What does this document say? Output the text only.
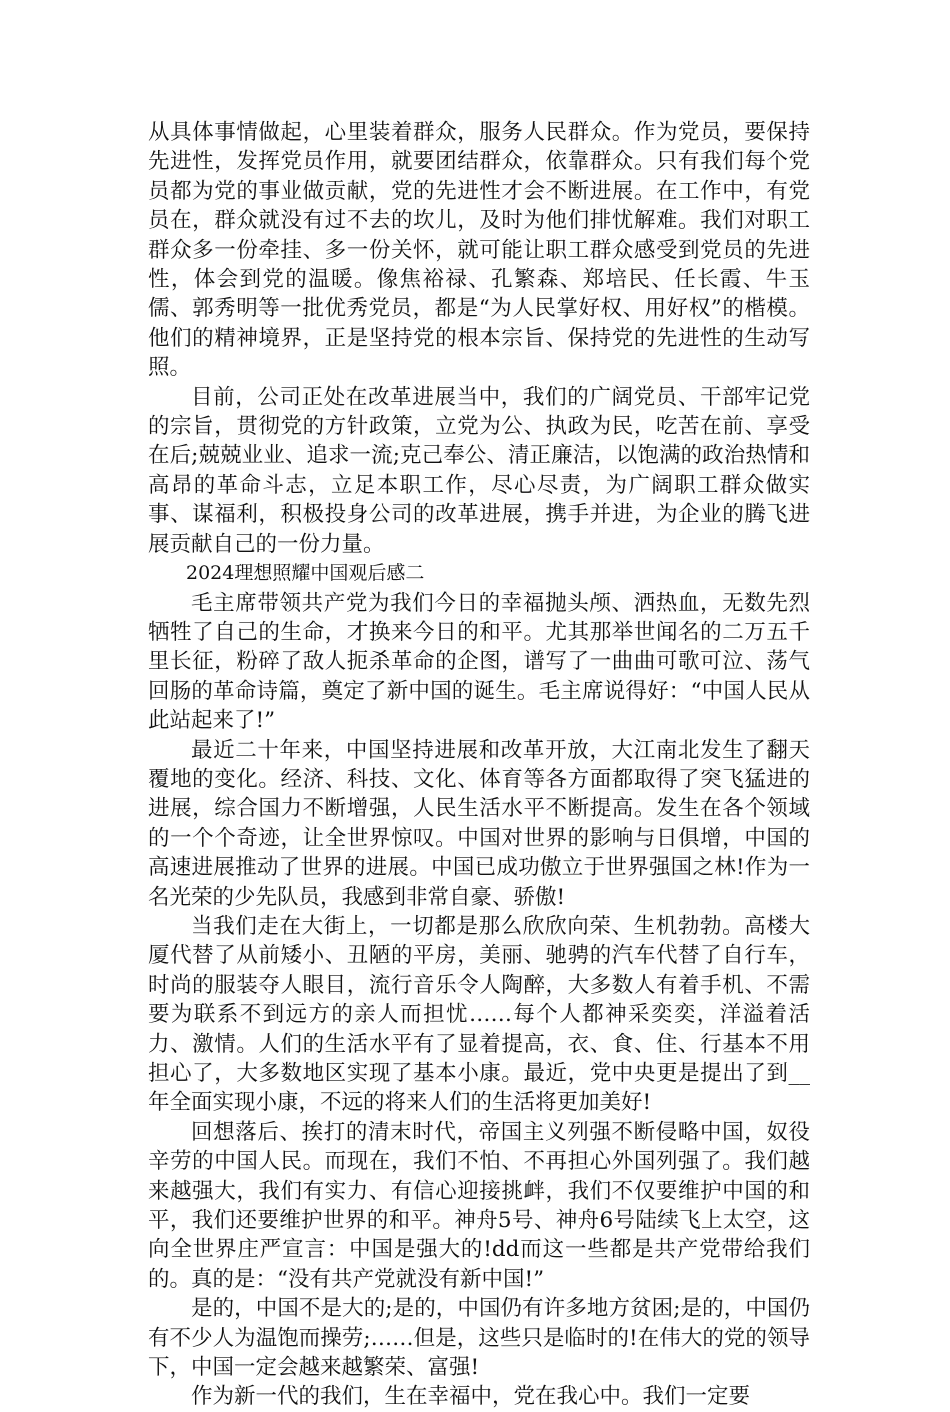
从具体事情做起，心里装着群众，服务人民群众。作为党员，要保持先进性，发挥党员作用，就要团结群众，依靠群众。只有我们每个党员都为党的事业做贡献，党的先进性才会不断进展。在工作中，有党员在，群众就没有过不去的坎儿，及时为他们排忧解难。我们对职工群众多一份牵挂、多一份关怀，就可能让职工群众感受到党员的先进性，体会到党的温暖。像焦裕禄、孔繁森、郑培民、任长霞、牛玉儒、郭秀明等一批优秀党员，都是“为人民掌好权、用好权”的楷模。他们的精神境界，正是坚持党的根本宗旨、保持党的先进性的生动写照。

目前，公司正处在改革进展当中，我们的广阔党员、干部牢记党的宗旨，贯彻党的方针政策，立党为公、执政为民，吃苦在前、享受在后;兢兢业业、追求一流;克己奉公、清正廉洁，以饱满的政治热情和高昂的革命斗志，立足本职工作，尽心尽责，为广阔职工群众做实事、谋福利，积极投身公司的改革进展，携手并进，为企业的腾飞进展贡献自己的一份力量。

2024理想照耀中国观后感二

毛主席带领共产党为我们今日的幸福抛头颅、洒热血，无数先烈牺牲了自己的生命，才换来今日的和平。尤其那举世闻名的二万五千里长征，粉碎了敌人扼杀革命的企图，谱写了一曲曲可歌可泣、荡气回肠的革命诗篇，奠定了新中国的诞生。毛主席说得好：“中国人民从此站起来了!”

最近二十年来，中国坚持进展和改革开放，大江南北发生了翻天覆地的变化。经济、科技、文化、体育等各方面都取得了突飞猛进的进展，综合国力不断增强，人民生活水平不断提高。发生在各个领域的一个个奇迹，让全世界惊叹。中国对世界的影响与日俱增，中国的高速进展推动了世界的进展。中国已成功傲立于世界强国之林!作为一名光荣的少先队员，我感到非常自豪、骄傲!

当我们走在大街上，一切都是那么欣欣向荣、生机勃勃。高楼大厦代替了从前矮小、丑陋的平房，美丽、驰骋的汽车代替了自行车，时尚的服装夺人眼目，流行音乐令人陶醉，大多数人有着手机、不需要为联系不到远方的亲人而担忧……每个人都神采奕奕，洋溢着活力、激情。人们的生活水平有了显着提高，衣、食、住、行基本不用担心了，大多数地区实现了基本小康。最近，党中央更是提出了到__年全面实现小康，不远的将来人们的生活将更加美好!

回想落后、挨打的清末时代，帝国主义列强不断侵略中国，奴役辛劳的中国人民。而现在，我们不怕、不再担心外国列强了。我们越来越强大，我们有实力、有信心迎接挑衅，我们不仅要维护中国的和平，我们还要维护世界的和平。神舟5号、神舟6号陆续飞上太空，这向全世界庄严宣言：中国是强大的!dd而这一些都是共产党带给我们的。真的是：“没有共产党就没有新中国!”

是的，中国不是大的;是的，中国仍有许多地方贫困;是的，中国仍有不少人为温饱而操劳;……但是，这些只是临时的!在伟大的党的领导下，中国一定会越来越繁荣、富强!

作为新一代的我们，生在幸福中，党在我心中。我们一定要
